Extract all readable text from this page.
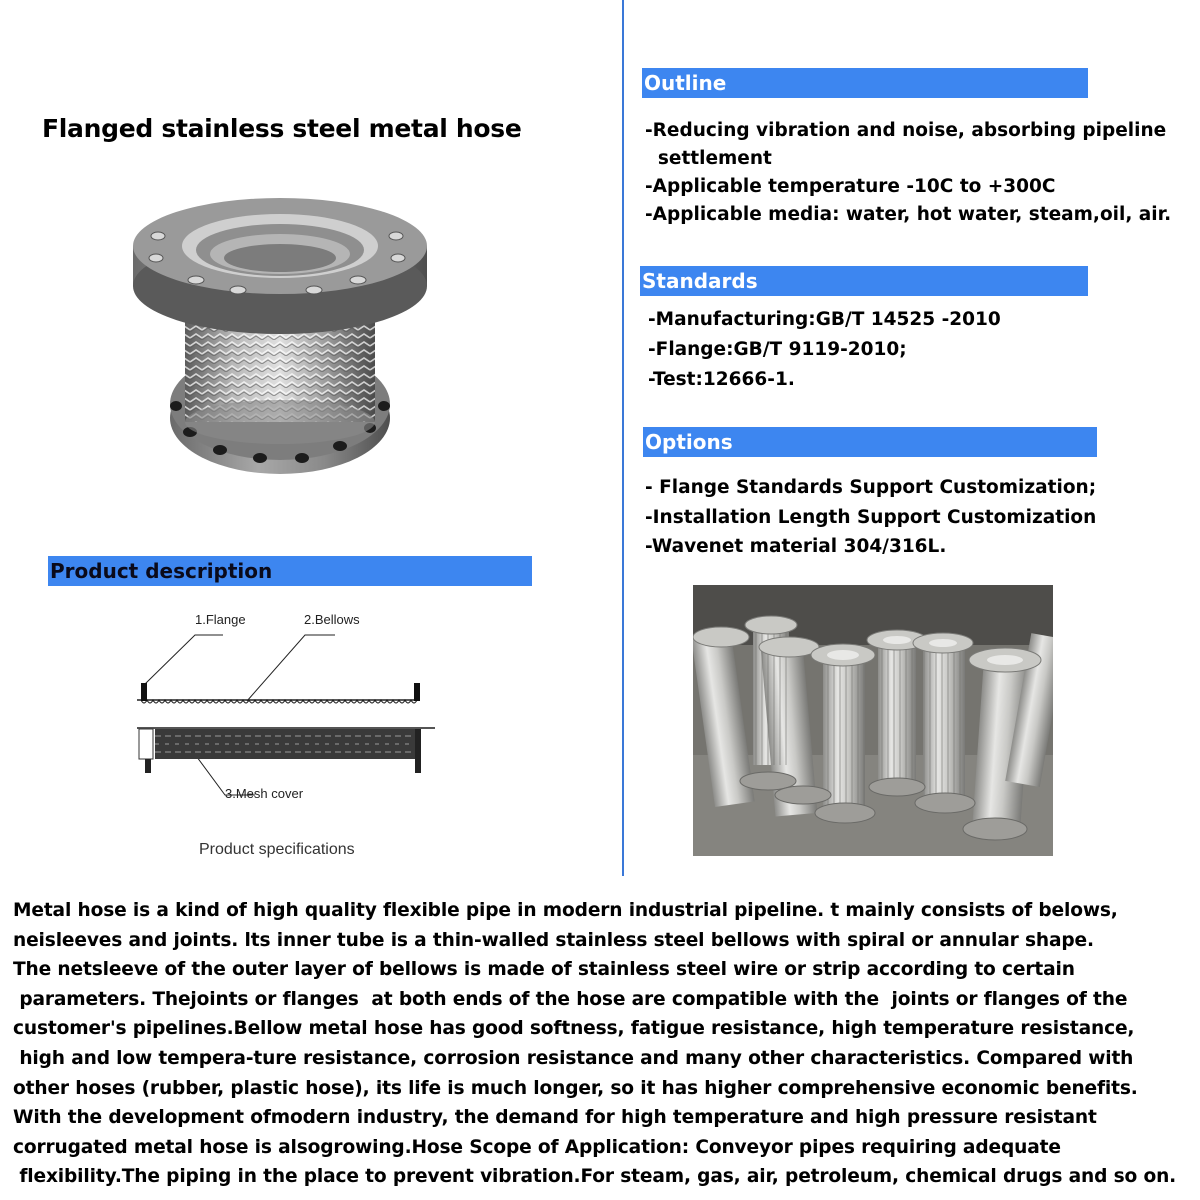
Flanged stainless steel metal hose
Product description
1.Flange	2.Bellows
3.Mesh cover
Product specifications
Outline
-Reducing vibration and noise, absorbing pipeline
settlement
-Applicable temperature -10C to +300C
-Applicable media: water, hot water, steam,oil, air.
Standards
-Manufacturing:GB/T 14525 -2010
-Flange:GB/T 9119-2010;
-Test:12666-1.
Options
- Flange Standards Support Customization;
-Installation Length Support Customization
-Wavenet material 304/316L.
Metal hose is a kind of high quality flexible pipe in modern industrial pipeline. t mainly consists of belows,
neisleeves and joints. lts inner tube is a thin-walled stainless steel bellows with spiral or annular shape.
The netsleeve of the outer layer of bellows is made of stainless steel wire or strip according to certain
parameters. Thejoints or flanges  at both ends of the hose are compatible with the  joints or flanges of the
customer's pipelines.Bellow metal hose has good softness, fatigue resistance, high temperature resistance,
high and low tempera-ture resistance, corrosion resistance and many other characteristics. Compared with
other hoses (rubber, plastic hose), its life is much longer, so it has higher comprehensive economic benefits.
With the development ofmodern industry, the demand for high temperature and high pressure resistant
corrugated metal hose is alsogrowing.Hose Scope of Application: Conveyor pipes requiring adequate
flexibility.The piping in the place to prevent vibration.For steam, gas, air, petroleum, chemical drugs and so on.
